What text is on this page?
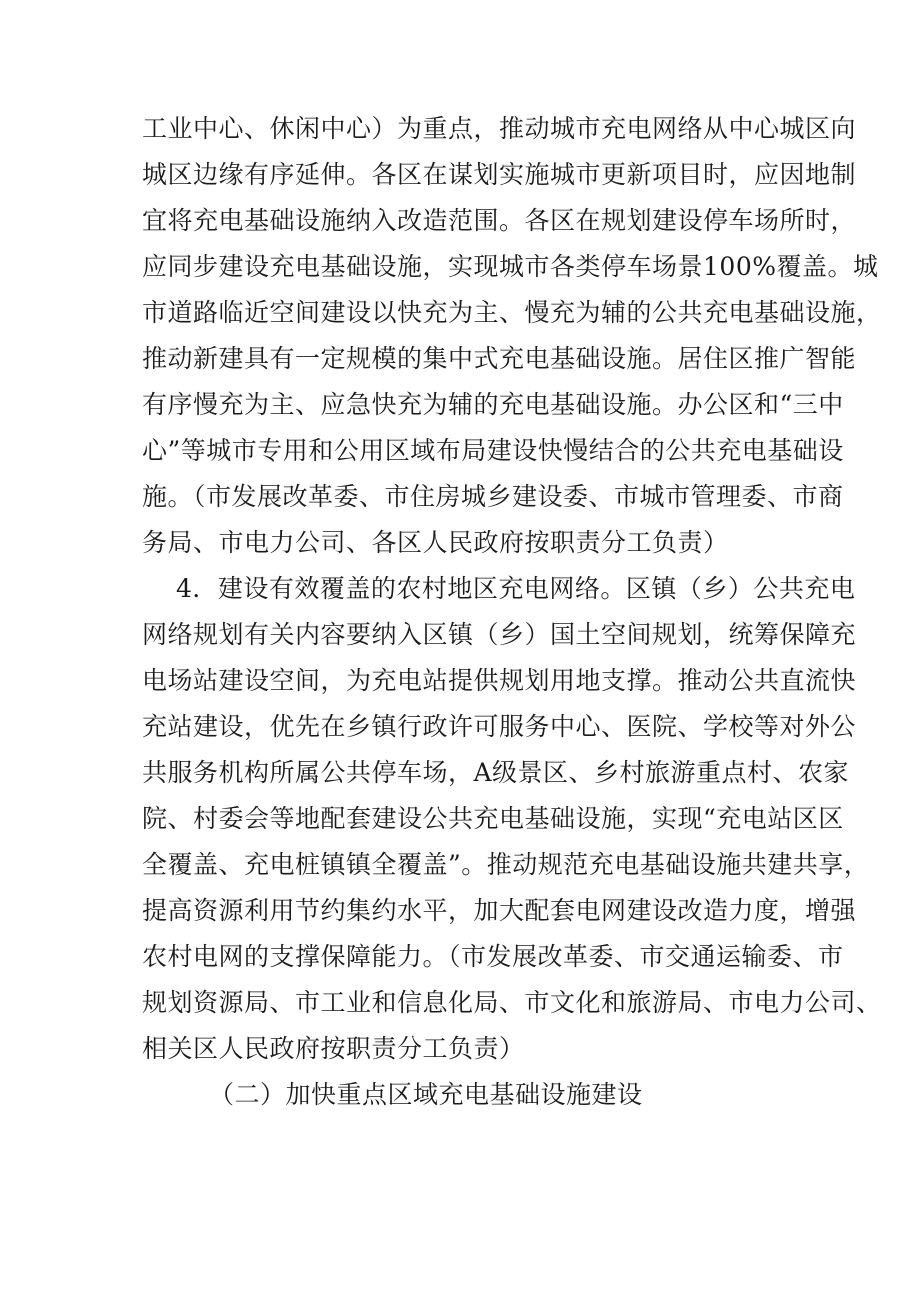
工业中心、休闲中心）为重点，推动城市充电网络从中心城区向
城区边缘有序延伸。各区在谋划实施城市更新项目时，应因地制
宜将充电基础设施纳入改造范围。各区在规划建设停车场所时，
应同步建设充电基础设施，实现城市各类停车场景100%覆盖。城
市道路临近空间建设以快充为主、慢充为辅的公共充电基础设施，
推动新建具有一定规模的集中式充电基础设施。居住区推广智能
有序慢充为主、应急快充为辅的充电基础设施。办公区和“三中
心”等城市专用和公用区域布局建设快慢结合的公共充电基础设
施。（市发展改革委、市住房城乡建设委、市城市管理委、市商
务局、市电力公司、各区人民政府按职责分工负责）
4．建设有效覆盖的农村地区充电网络。区镇（乡）公共充电
网络规划有关内容要纳入区镇（乡）国土空间规划，统筹保障充
电场站建设空间，为充电站提供规划用地支撑。推动公共直流快
充站建设，优先在乡镇行政许可服务中心、医院、学校等对外公
共服务机构所属公共停车场，A级景区、乡村旅游重点村、农家
院、村委会等地配套建设公共充电基础设施，实现“充电站区区
全覆盖、充电桩镇镇全覆盖”。推动规范充电基础设施共建共享，
提高资源利用节约集约水平，加大配套电网建设改造力度，增强
农村电网的支撑保障能力。（市发展改革委、市交通运输委、市
规划资源局、市工业和信息化局、市文化和旅游局、市电力公司、
相关区人民政府按职责分工负责）
（二）加快重点区域充电基础设施建设
